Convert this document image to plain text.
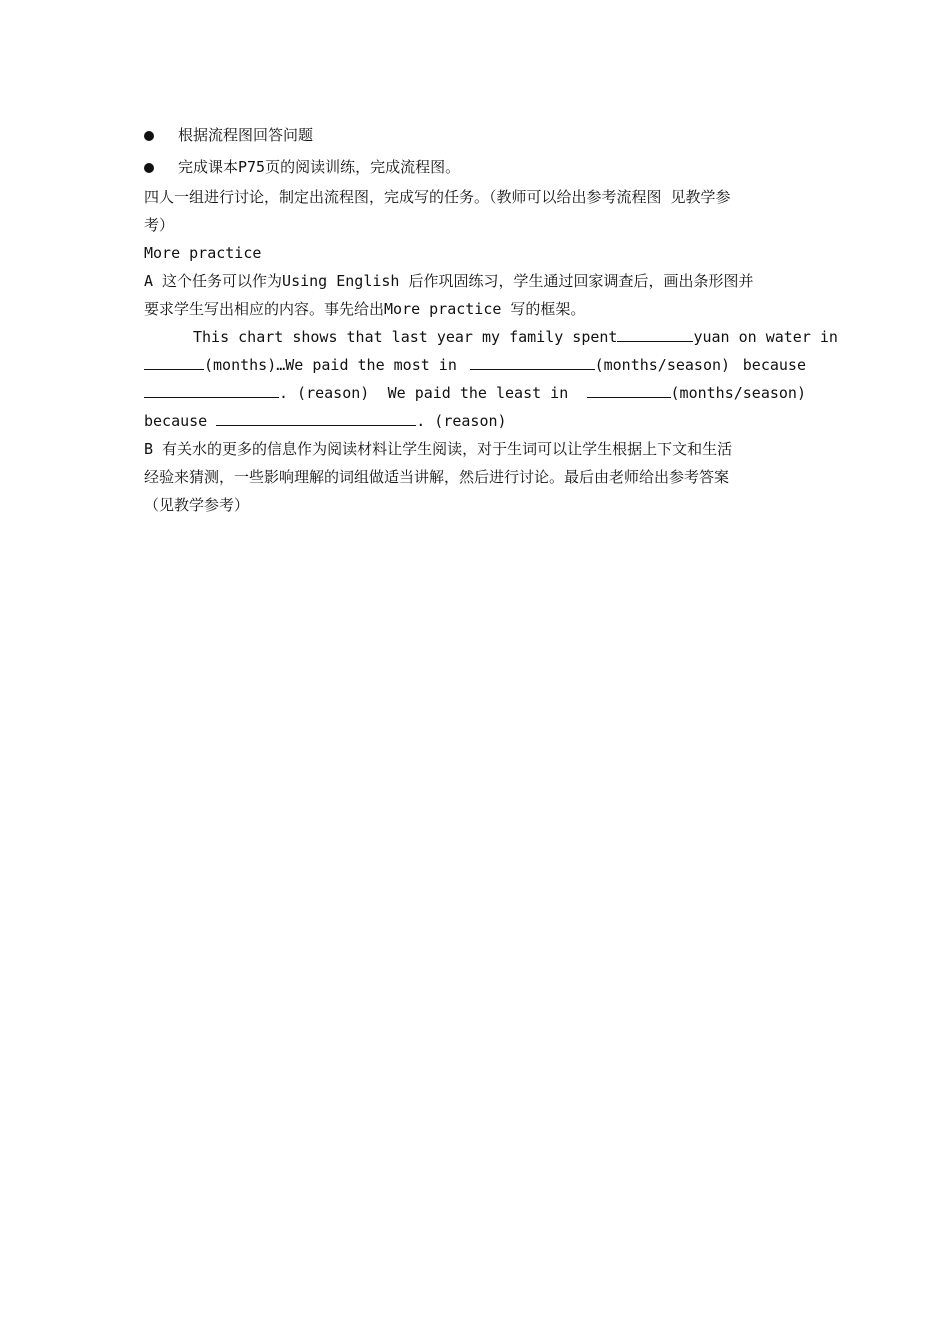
根据流程图回答问题
完成课本P75页的阅读训练，完成流程图。
四人一组进行讨论，制定出流程图，完成写的任务。（教师可以给出参考流程图 见教学参
考）
More practice
A 这个任务可以作为Using English 后作巩固练习，学生通过回家调查后，画出条形图并
要求学生写出相应的内容。事先给出More practice 写的框架。
This chart shows that last year my family spent	yuan on water in
(months)…We paid the most in	(months/season) because
. (reason) We paid the least in	(months/season)
because	. (reason)
B 有关水的更多的信息作为阅读材料让学生阅读，对于生词可以让学生根据上下文和生活
经验来猜测，一些影响理解的词组做适当讲解，然后进行讨论。最后由老师给出参考答案
（见教学参考）
